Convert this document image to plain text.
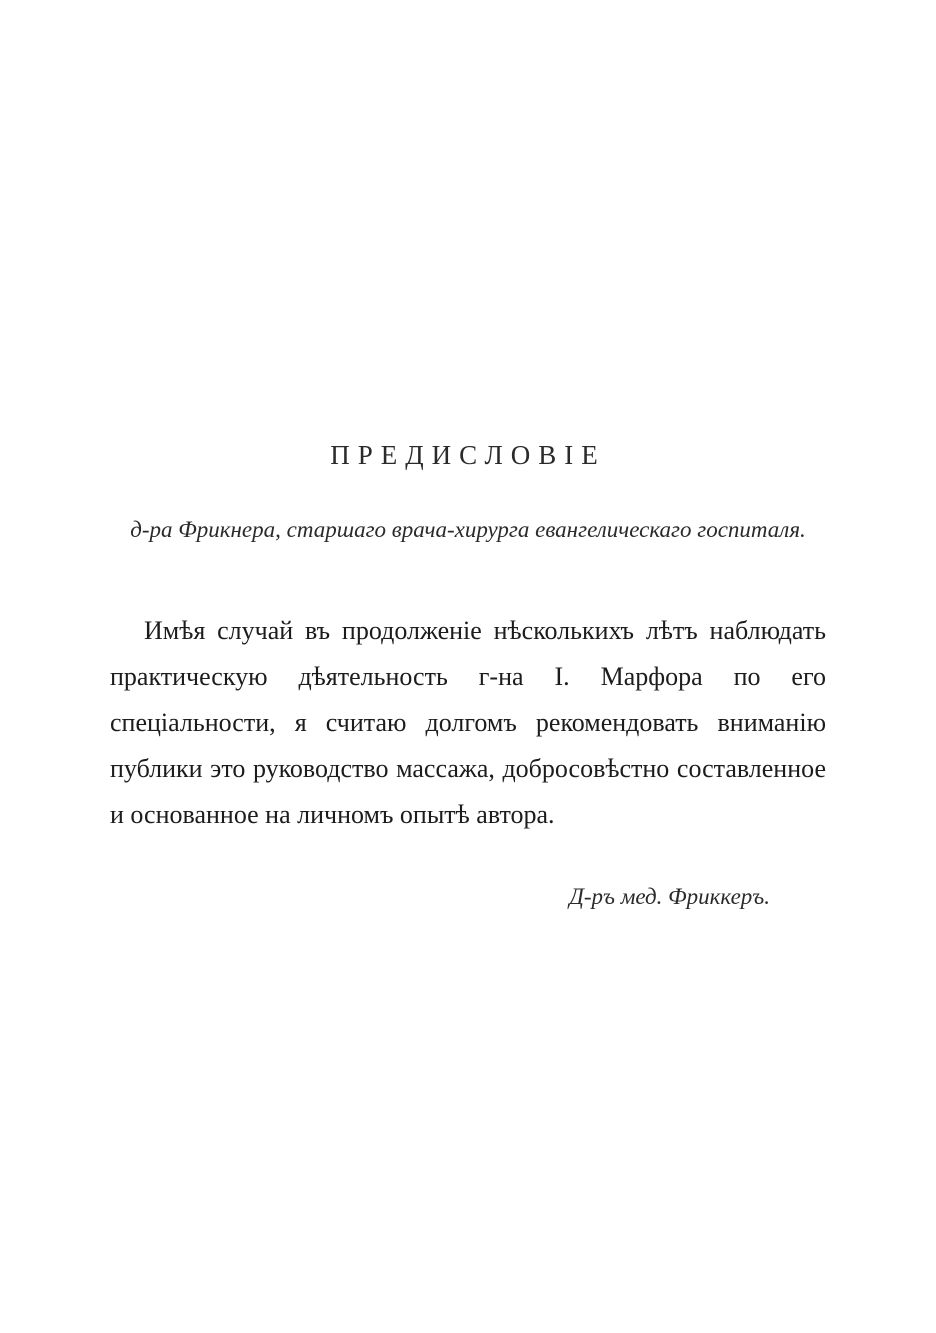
ПРЕДИСЛОВІЕ
д-ра Фрикнера, старшаго врача-хирурга евангелическаго госпиталя.

Имѣя случай въ продолженіе нѣсколькихъ лѣтъ наблюдать практическую дѣятельность г-на І. Марфора по его спеціальности, я считаю долгомъ рекомендовать вниманію публики это руководство массажа, добросовѣстно составленное и основанное на личномъ опытѣ автора.

Д-ръ мед. Фриккеръ.
